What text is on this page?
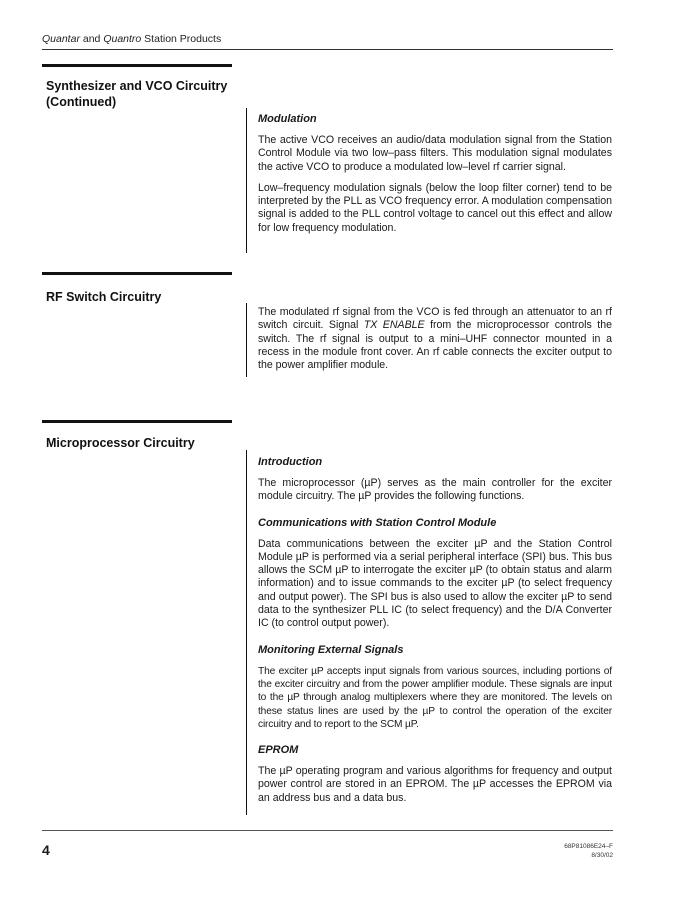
Quantar and Quantro Station Products
Synthesizer and VCO Circuitry
(Continued)

Modulation

The active VCO receives an audio/data modulation signal from the Station Control Module via two low–pass filters. This modulation signal modulates the active VCO to produce a modulated low–level rf carrier signal.

Low–frequency modulation signals (below the loop filter corner) tend to be interpreted by the PLL as VCO frequency error. A modulation compensation signal is added to the PLL control voltage to cancel out this effect and allow for low frequency modulation.

RF Switch Circuitry

The modulated rf signal from the VCO is fed through an attenuator to an rf switch circuit. Signal TX ENABLE from the microprocessor controls the switch. The rf signal is output to a mini–UHF connector mounted in a recess in the module front cover. An rf cable connects the exciter output to the power amplifier module.

Microprocessor Circuitry

Introduction

The microprocessor (µP) serves as the main controller for the exciter module circuitry. The µP provides the following functions.

Communications with Station Control Module

Data communications between the exciter µP and the Station Control Module µP is performed via a serial peripheral interface (SPI) bus. This bus allows the SCM µP to interrogate the exciter µP (to obtain status and alarm information) and to issue commands to the exciter µP (to select frequency and output power). The SPI bus is also used to allow the exciter µP to send data to the synthesizer PLL IC (to select frequency) and the D/A Converter IC (to control output power).

Monitoring External Signals

The exciter µP accepts input signals from various sources, including portions of the exciter circuitry and from the power amplifier module. These signals are input to the µP through analog multiplexers where they are monitored. The levels on these status lines are used by the µP to control the operation of the exciter circuitry and to report to the SCM µP.

EPROM

The µP operating program and various algorithms for frequency and output power control are stored in an EPROM. The µP accesses the EPROM via an address bus and a data bus.

4	68P81086E24–F
8/30/02
